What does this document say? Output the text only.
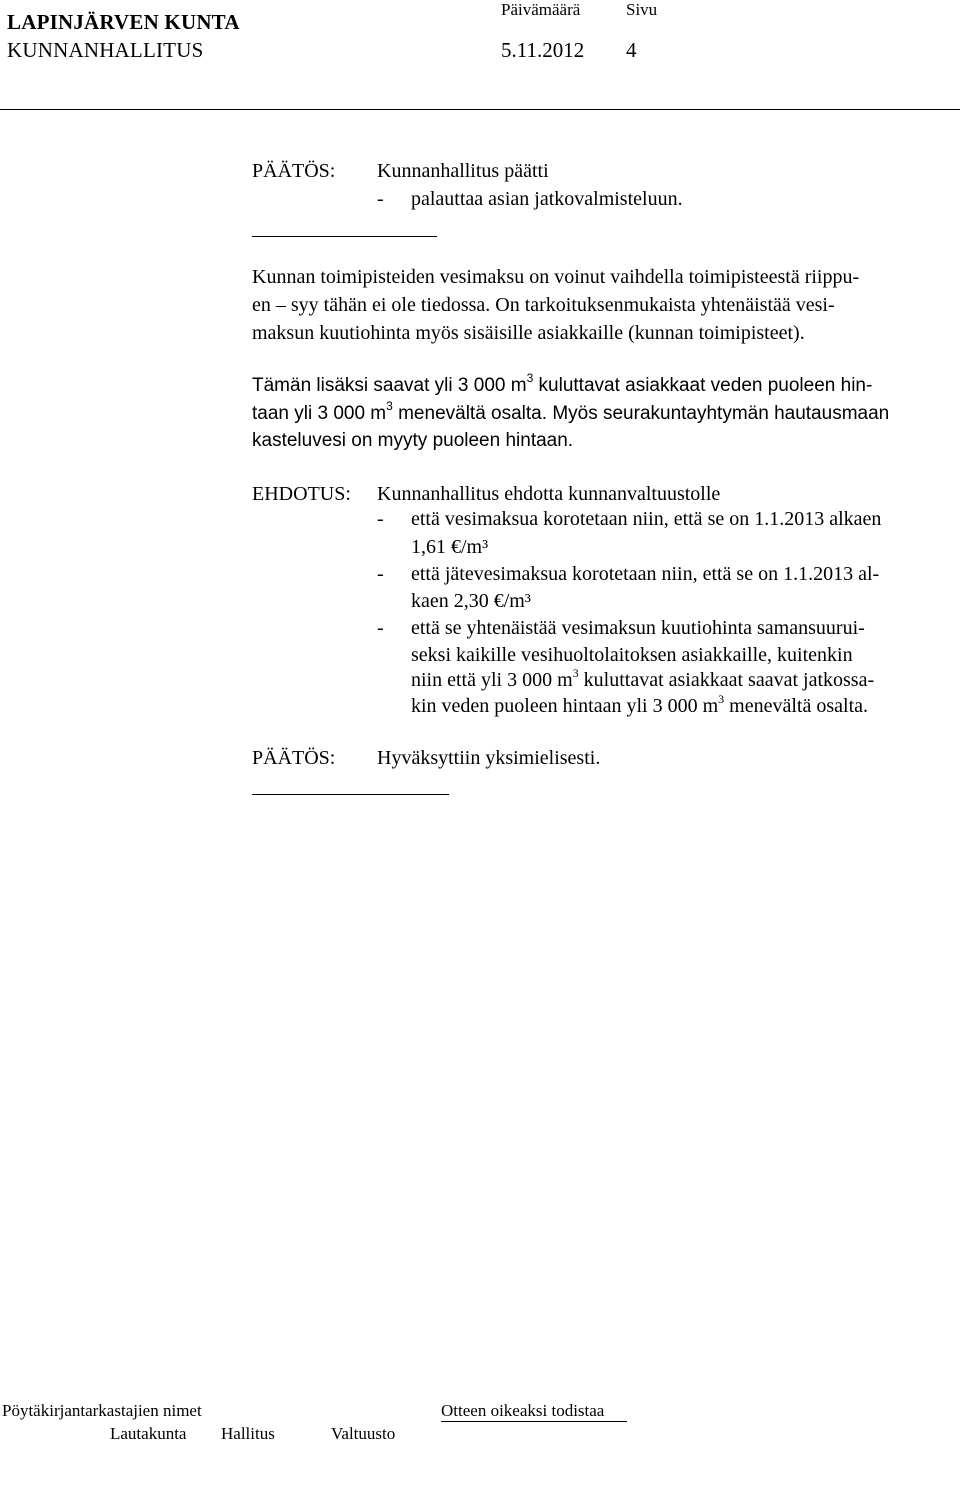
LAPINJÄRVEN KUNTA
KUNNANHALLITUS
Päivämäärä	Sivu
5.11.2012 4
PÄÄTÖS: Kunnanhallitus päätti
- palauttaa asian jatkovalmisteluun.
Kunnan toimipisteiden vesimaksu on voinut vaihdella toimipisteestä riippu-
en – syy tähän ei ole tiedossa. On tarkoituksenmukaista yhtenäistää vesi-
maksun kuutiohinta myös sisäisille asiakkaille (kunnan toimipisteet).
Tämän lisäksi saavat yli 3 000 $m^3$ kuluttavat asiakkaat veden puoleen hin-
taan yli 3 000 $m^3$ menevältä osalta. Myös seurakuntayhtymän hautausmaan
kasteluvesi on myyty puoleen hintaan.
EHDOTUS: Kunnanhallitus ehdotta kunnanvaltuustolle
- että vesimaksua korotetaan niin, että se on 1.1.2013 alkaen
1,61 €/m³
- että jätevesimaksua korotetaan niin, että se on 1.1.2013 al-
kaen 2,30 €/m³
- että se yhtenäistää vesimaksun kuutiohinta samansuurui-
seksi kaikille vesihuoltolaitoksen asiakkaille, kuitenkin
niin että yli 3 000 $m^3$ kuluttavat asiakkaat saavat jatkossa-
kin veden puoleen hintaan yli 3 000 $m^3$ menevältä osalta.
PÄÄTÖS: Hyväksyttiin yksimielisesti.
Pöytäkirjantarkastajien nimet	Otteen oikeaksi todistaa
Lautakunta Hallitus	Valtuusto
